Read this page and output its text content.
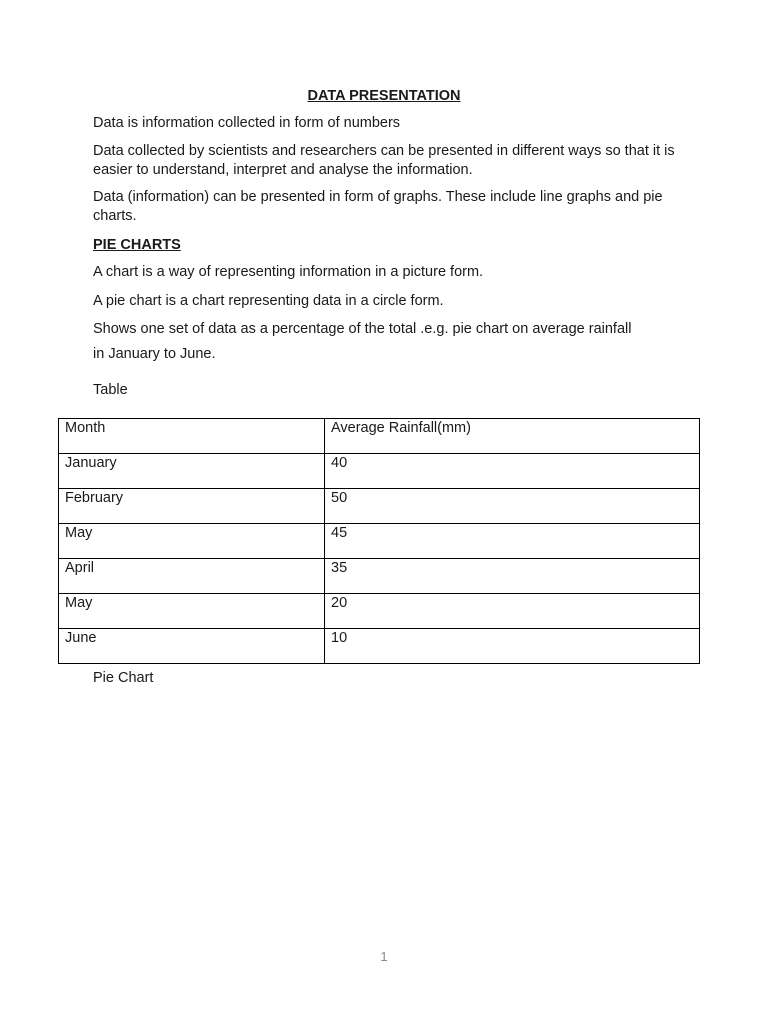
DATA PRESENTATION

Data is information collected in form of numbers

Data collected by scientists and researchers can be presented in different ways so that it is easier to understand, interpret and analyse the information.

Data (information) can be presented in form of graphs. These include line graphs and pie charts.

PIE CHARTS

A chart is a way of representing information in a picture form.

A pie chart is a chart representing data in a circle form.

Shows one set of data as a percentage of the total .e.g. pie chart on average rainfall

in January to June.

Table

Month	Average Rainfall(mm)
January	40
February	50
May	45
April	35
May	20
June	10

Pie Chart

1
